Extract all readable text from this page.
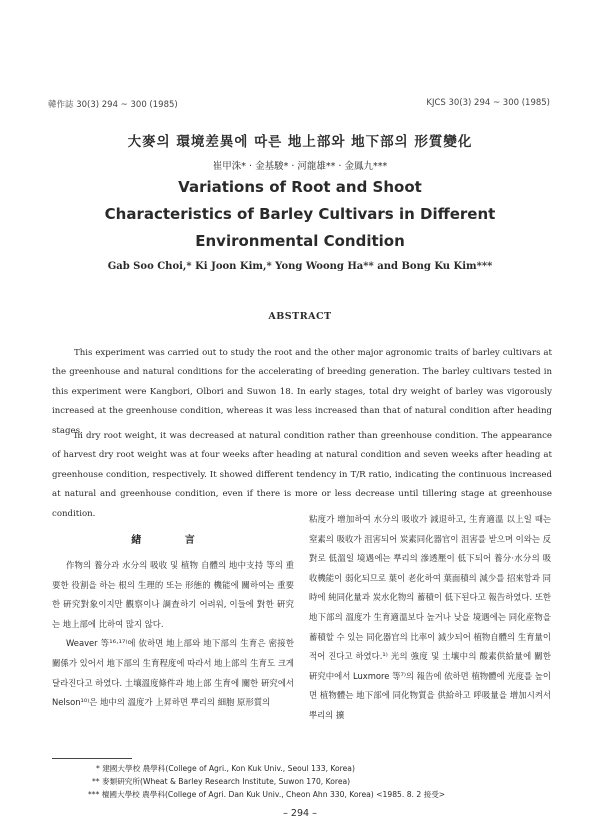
韓作誌 30(3) 294 ~ 300 (1985)	KJCS 30(3) 294 ~ 300 (1985)
大麥의 環境差異에 따른 地上部와 地下部의 形質變化
崔甲洙* · 金基駿* · 河龍雄** · 金鳳九***
Variations of Root and Shoot
Characteristics of Barley Cultivars in Different
Environmental Condition
Gab Soo Choi,* Ki Joon Kim,* Yong Woong Ha** and Bong Ku Kim***
ABSTRACT
This experiment was carried out to study the root and the other major agronomic traits of barley cultivars at the greenhouse and natural conditions for the accelerating of breeding generation. The barley cultivars tested in this experiment were Kangbori, Olbori and Suwon 18. In early stages, total dry weight of barley was vigorously increased at the greenhouse condition, whereas it was less increased than that of natural condition after heading stages.
In dry root weight, it was decreased at natural condition rather than greenhouse condition. The appearance of harvest dry root weight was at four weeks after heading at natural condition and seven weeks after heading at greenhouse condition, respectively. It showed different tendency in T/R ratio, indicating the continuous increased at natural and greenhouse condition, even if there is more or less decrease until tillering stage at greenhouse condition.
緖 言
作物의 養分과 水分의 吸收 및 植物 自體의 地中支持 等의 重要한 役割을 하는 根의 生理的 또는 形態的 機能에 關하여는 重要한 硏究對象이지만 觀察이나 調査하기 어려워, 이들에 對한 硏究는 地上部에 比하여 많지 않다.
Weaver 等¹⁶·¹⁷⁾에 依하면 地上部와 地下部의 生育은 密接한 關係가 있어서 地下部의 生育程度에 따라서 地上部의 生育도 크게 달라진다고 하였다. 土壤溫度條件과 地上部 生育에 關한 硏究에서 Nelson¹⁰⁾은 地中의 溫度가 上昇하면 뿌리의 細胞 原形質의
粘度가 增加하여 水分의 吸收가 減退하고, 生育適溫 以上일 때는 窒素의 吸收가 沮害되어 炭素同化器官이 沮害를 받으며 이와는 反對로 低溫일 境遇에는 뿌리의 滲透壓이 低下되어 養分·水分의 吸收機能이 弱化되므로 葉이 老化하여 葉面積의 減少를 招來함과 同時에 純同化量과 炭水化物의 蓄積이 低下된다고 報告하였다. 또한 地下部의 溫度가 生育適溫보다 높거나 낮을 境遇에는 同化産物을 蓄積할 수 있는 同化器官의 比率이 減少되어 植物自體의 生育量이 적어 진다고 하였다.¹⁾ 光의 強度 및 土壤中의 酸素供給量에 關한 硏究中에서 Luxmore 等⁷⁾의 報告에 依하면 植物體에 光度를 높이면 植物體는 地下部에 同化物質을 供給하고 呼吸量을 增加시켜서 뿌리의 擴
* 建國大學校 農學科(College of Agri., Kon Kuk Univ., Seoul 133, Korea)
** 麥類硏究所(Wheat & Barley Research Institute, Suwon 170, Korea)
*** 檀國大學校 農學科(College of Agri. Dan Kuk Univ., Cheon Ahn 330, Korea) <1985. 8. 2 接受>
– 294 –
